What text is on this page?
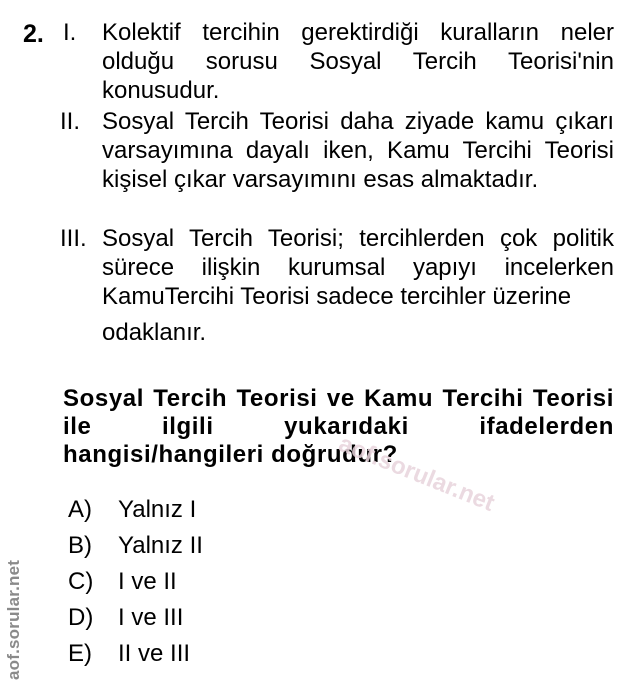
2. I. Kolektif tercihin gerektirdiği kuralların neler olduğu sorusu Sosyal Tercih Teorisi'nin konusudur.
II. Sosyal Tercih Teorisi daha ziyade kamu çıkarı varsayımına dayalı iken, Kamu Tercihi Teorisi kişisel çıkar varsayımını esas almaktadır.
III. Sosyal Tercih Teorisi; tercihlerden çok politik sürece ilişkin kurumsal yapıyı incelerken KamuTercihi Teorisi sadece tercihler üzerine
odaklanır.
Sosyal Tercih Teorisi ve Kamu Tercihi Teorisi ile ilgili yukarıdaki ifadelerden hangisi/hangileri doğrudur?
aof.sorular.net
A) Yalnız I
B) Yalnız II
C) I ve II
D) I ve III
E) II ve III
aof.sorular.net
